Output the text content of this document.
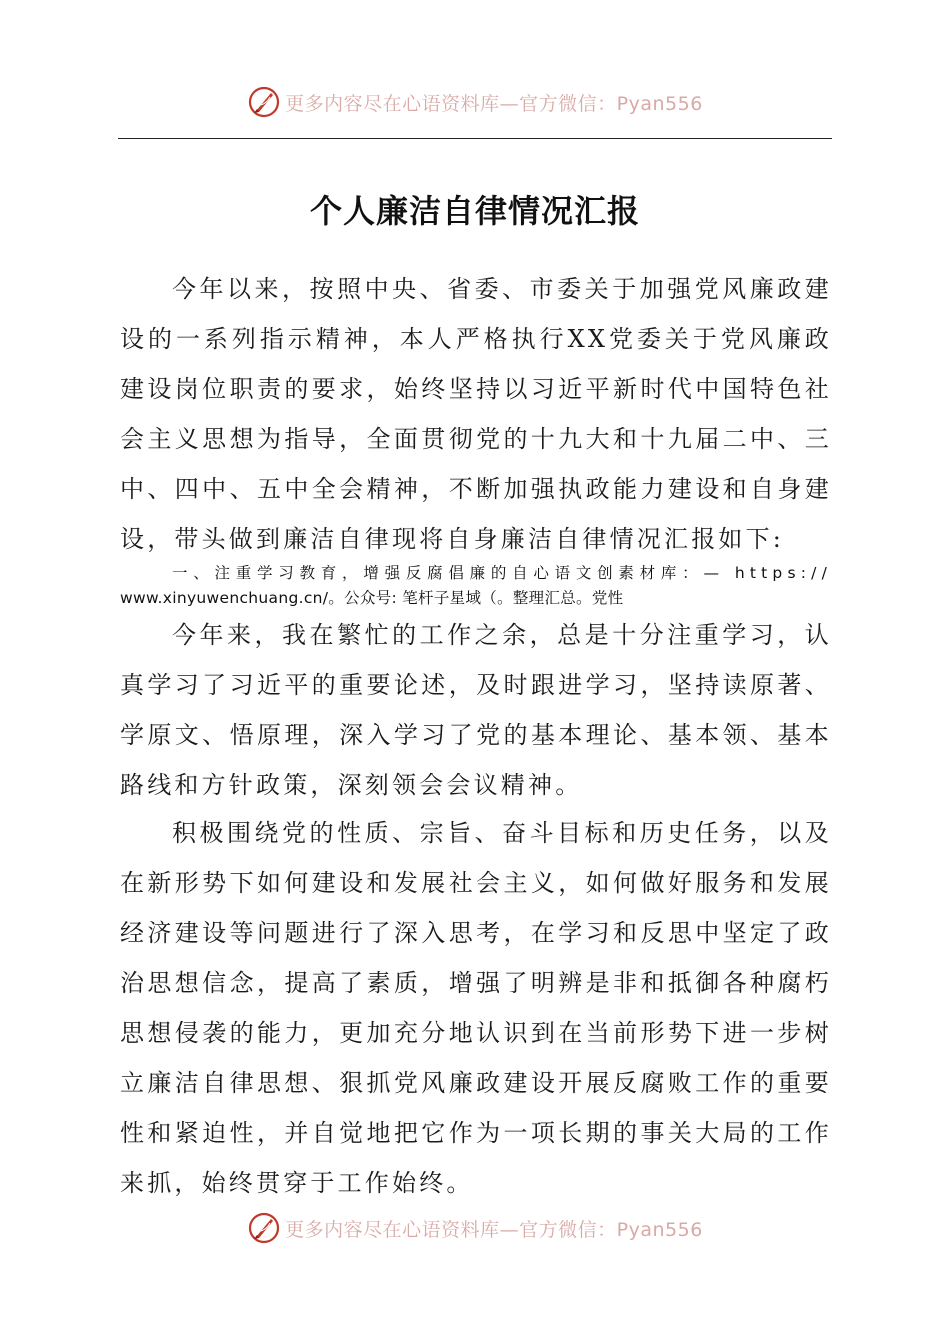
更多内容尽在心语资料库—官方微信：Pyan556
个人廉洁自律情况汇报

今年以来，按照中央、省委、市委关于加强党风廉政建设的一系列指示精神，本人严格执行XX党委关于党风廉政建设岗位职责的要求，始终坚持以习近平新时代中国特色社会主义思想为指导，全面贯彻党的十九大和十九届二中、三中、四中、五中全会精神，不断加强执政能力建设和自身建设，带头做到廉洁自律现将自身廉洁自律情况汇报如下:

一、注重学习教育，增强反腐倡廉的自心语文创素材库：— https://
www.xinyuwenchuang.cn/。公众号: 笔杆子星域（。整理汇总。党性

今年来，我在繁忙的工作之余，总是十分注重学习，认真学习了习近平的重要论述，及时跟进学习，坚持读原著、学原文、悟原理，深入学习了党的基本理论、基本领、基本路线和方针政策，深刻领会会议精神。

积极围绕党的性质、宗旨、奋斗目标和历史任务，以及在新形势下如何建设和发展社会主义，如何做好服务和发展经济建设等问题进行了深入思考，在学习和反思中坚定了政治思想信念，提高了素质，增强了明辨是非和抵御各种腐朽思想侵袭的能力，更加充分地认识到在当前形势下进一步树立廉洁自律思想、狠抓党风廉政建设开展反腐败工作的重要性和紧迫性，并自觉地把它作为一项长期的事关大局的工作来抓，始终贯穿于工作始终。

更多内容尽在心语资料库—官方微信：Pyan556
